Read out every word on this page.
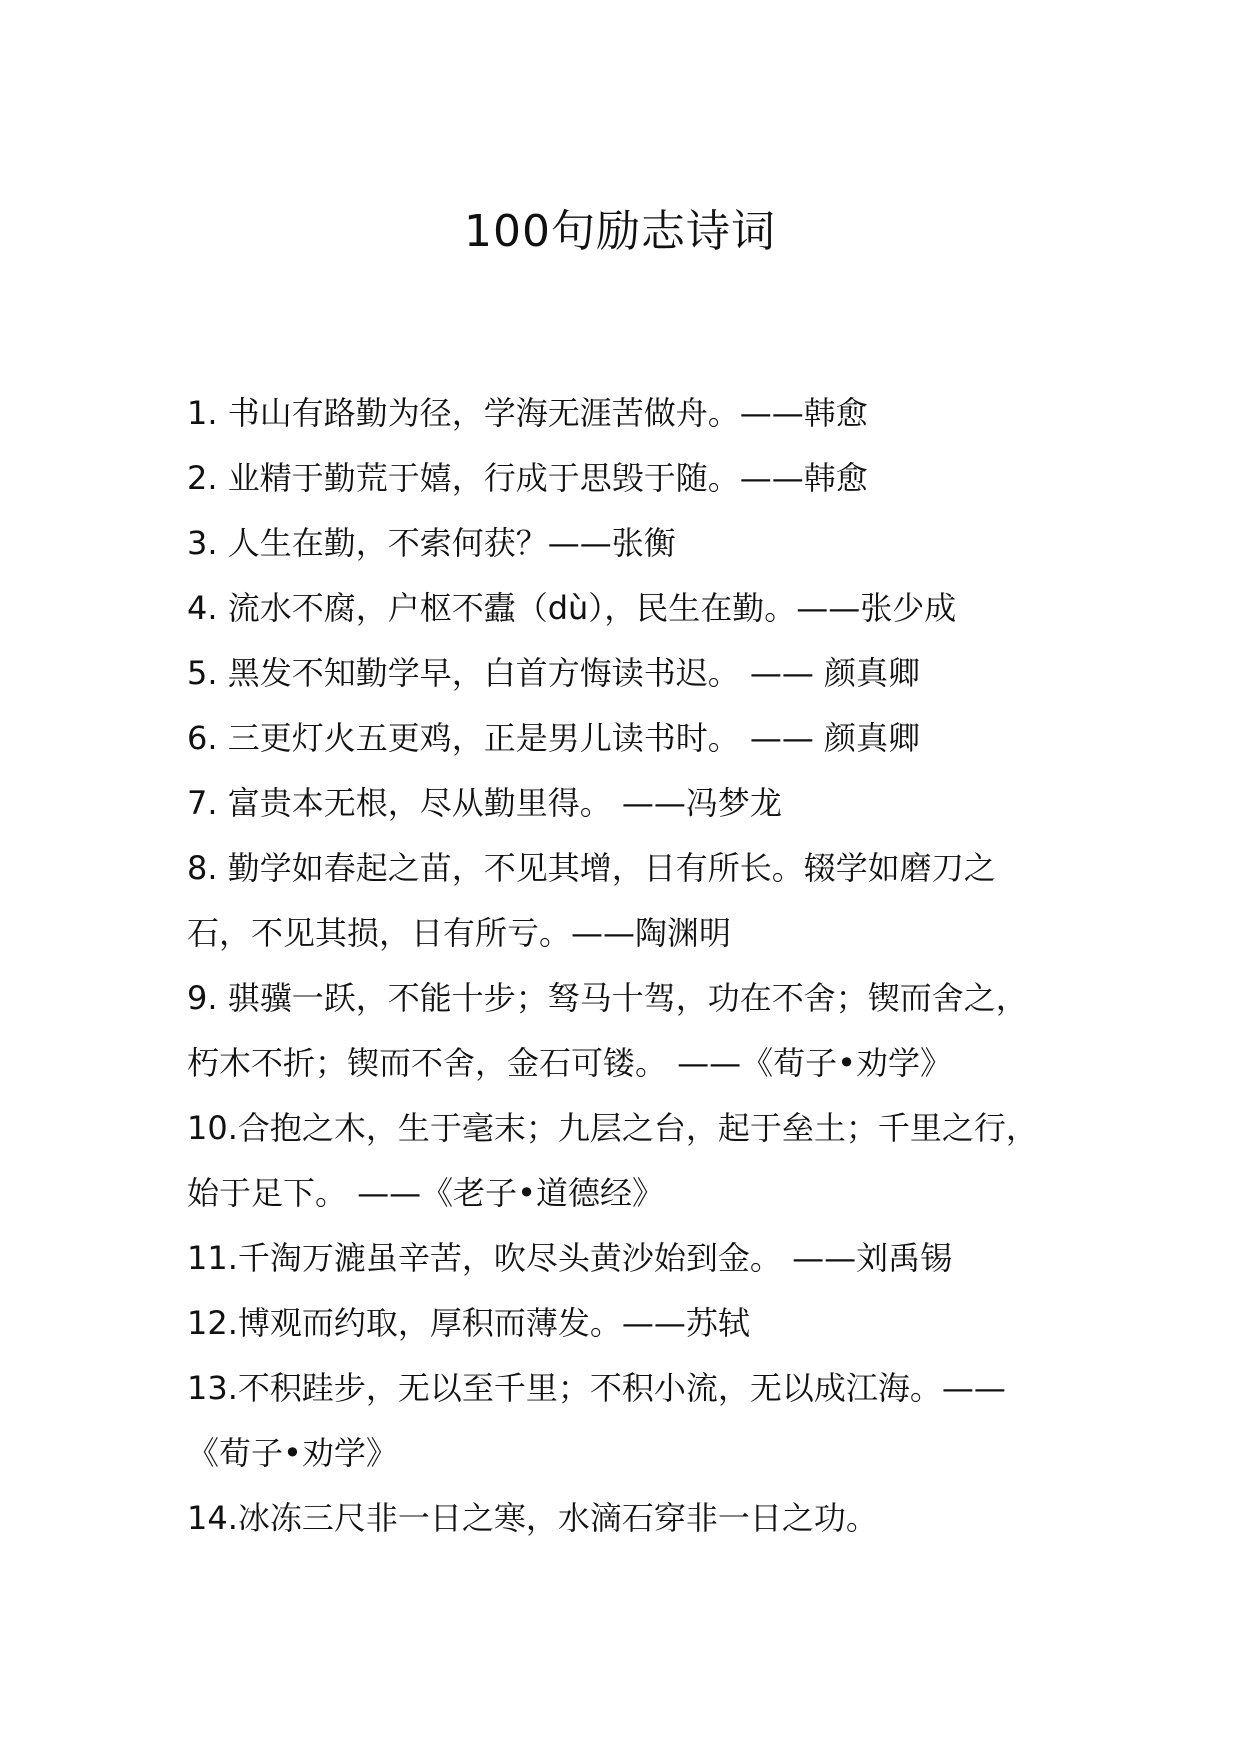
100句励志诗词
1. 书山有路勤为径，学海无涯苦做舟。——韩愈
2. 业精于勤荒于嬉，行成于思毁于随。——韩愈
3. 人生在勤，不索何获？——张衡
4. 流水不腐，户枢不蠹（dù），民生在勤。——张少成
5. 黑发不知勤学早，白首方悔读书迟。 —— 颜真卿
6. 三更灯火五更鸡，正是男儿读书时。 —— 颜真卿
7. 富贵本无根，尽从勤里得。 ——冯梦龙
8. 勤学如春起之苗，不见其增，日有所长。辍学如磨刀之
石，不见其损，日有所亏。——陶渊明
9. 骐骥一跃，不能十步；驽马十驾，功在不舍；锲而舍之，
朽木不折；锲而不舍，金石可镂。 ——《荀子•劝学》
10.合抱之木，生于毫末；九层之台，起于垒土；千里之行，
始于足下。 ——《老子•道德经》
11.千淘万漉虽辛苦，吹尽头黄沙始到金。 ——刘禹锡
12.博观而约取，厚积而薄发。——苏轼
13.不积跬步，无以至千里；不积小流，无以成江海。——
《荀子•劝学》
14.冰冻三尺非一日之寒，水滴石穿非一日之功。
